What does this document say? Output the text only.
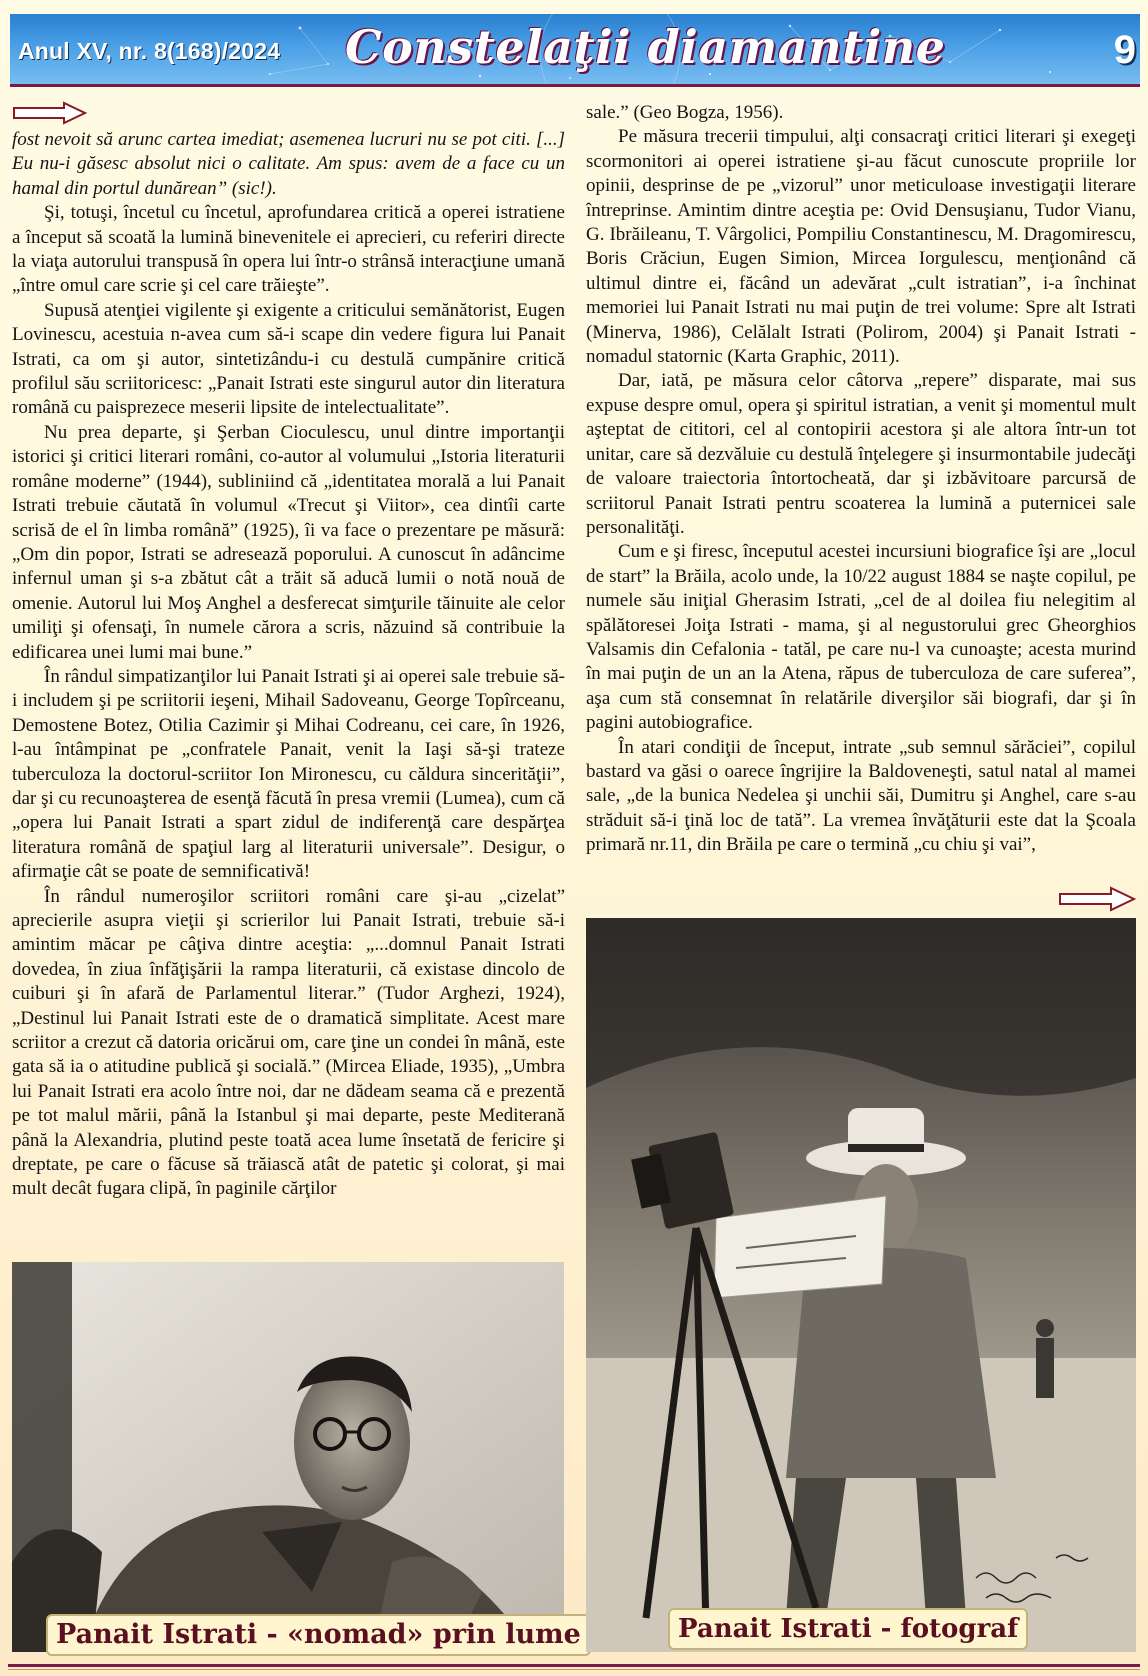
Anul XV, nr. 8(168)/2024 Constelaţii diamantine	9

fost nevoit să arunc cartea imediat; asemenea lucruri nu se pot citi. [...] Eu nu-i găsesc absolut nici o calitate. Am spus: avem de a face cu un hamal din portul dunărean” (sic!).

Şi, totuşi, încetul cu încetul, aprofundarea critică a operei istratiene a început să scoată la lumină binevenitele ei aprecieri, cu referiri directe la viaţa autorului transpusă în opera lui într-o strânsă interacţiune umană „între omul care scrie şi cel care trăieşte”.

Supusă atenţiei vigilente şi exigente a criticului semănătorist, Eugen Lovinescu, acestuia n-avea cum să-i scape din vedere figura lui Panait Istrati, ca om şi autor, sintetizându-i cu destulă cumpănire critică profilul său scriitoricesc: „Panait Istrati este singurul autor din literatura română cu paisprezece meserii lipsite de intelectualitate”.

Nu prea departe, şi Şerban Cioculescu, unul dintre importanţii istorici şi critici literari români, co-autor al volumului „Istoria literaturii române moderne” (1944), subliniind că „identitatea morală a lui Panait Istrati trebuie căutată în volumul «Trecut şi Viitor», cea dintîi carte scrisă de el în limba română” (1925), îi va face o prezentare pe măsură: „Om din popor, Istrati se adresează poporului. A cunoscut în adâncime infernul uman şi s-a zbătut cât a trăit să aducă lumii o notă nouă de omenie. Autorul lui Moş Anghel a desferecat simţurile tăinuite ale celor umiliţi şi ofensaţi, în numele cărora a scris, năzuind să contribuie la edificarea unei lumi mai bune.”

În rândul simpatizanţilor lui Panait Istrati şi ai operei sale trebuie să-i includem şi pe scriitorii ieşeni, Mihail Sadoveanu, George Topîrceanu, Demostene Botez, Otilia Cazimir şi Mihai Codreanu, cei care, în 1926, l-au întâmpinat pe „confratele Panait, venit la Iaşi să-şi trateze tuberculoza la doctorul-scriitor Ion Mironescu, cu căldura sincerităţii”, dar şi cu recunoaşterea de esenţă făcută în presa vremii (Lumea), cum că „opera lui Panait Istrati a spart zidul de indiferenţă care despărţea literatura română de spaţiul larg al literaturii universale”. Desigur, o afirmaţie cât se poate de semnificativă!

În rândul numeroşilor scriitori români care şi-au „cizelat” aprecierile asupra vieţii şi scrierilor lui Panait Istrati, trebuie să-i amintim măcar pe câţiva dintre aceştia: „...domnul Panait Istrati dovedea, în ziua înfăţişării la rampa literaturii, că existase dincolo de cuiburi şi în afară de Parlamentul literar.” (Tudor Arghezi, 1924), „Destinul lui Panait Istrati este de o dramatică simplitate. Acest mare scriitor a crezut că datoria oricărui om, care ţine un condei în mână, este gata să ia o atitudine publică şi socială.” (Mircea Eliade, 1935), „Umbra lui Panait Istrati era acolo între noi, dar ne dădeam seama că e prezentă pe tot malul mării, până la Istanbul şi mai departe, peste Mediterană până la Alexandria, plutind peste toată acea lume însetată de fericire şi dreptate, pe care o făcuse să trăiască atât de patetic şi colorat, şi mai mult decât fugara clipă, în paginile cărţilor

sale.” (Geo Bogza, 1956).

Pe măsura trecerii timpului, alţi consacraţi critici literari şi exegeţi scormonitori ai operei istratiene şi-au făcut cunoscute propriile lor opinii, desprinse de pe „vizorul” unor meticuloase investigaţii literare întreprinse. Amintim dintre aceştia pe: Ovid Densuşianu, Tudor Vianu, G. Ibrăileanu, T. Vârgolici, Pompiliu Constantinescu, M. Dragomirescu, Boris Crăciun, Eugen Simion, Mircea Iorgulescu, menţionând că ultimul dintre ei, făcând un adevărat „cult istratian”, i-a închinat memoriei lui Panait Istrati nu mai puţin de trei volume: Spre alt Istrati (Minerva, 1986), Celălalt Istrati (Polirom, 2004) şi Panait Istrati - nomadul statornic (Karta Graphic, 2011).

Dar, iată, pe măsura celor câtorva „repere” disparate, mai sus expuse despre omul, opera şi spiritul istratian, a venit şi momentul mult aşteptat de cititori, cel al contopirii acestora şi ale altora într-un tot unitar, care să dezvăluie cu destulă înţelegere şi insurmontabile judecăţi de valoare traiectoria întortocheată, dar şi izbăvitoare parcursă de scriitorul Panait Istrati pentru scoaterea la lumină a puternicei sale personalităţi.

Cum e şi firesc, începutul acestei incursiuni biografice îşi are „locul de start” la Brăila, acolo unde, la 10/22 august 1884 se naşte copilul, pe numele său iniţial Gherasim Istrati, „cel de al doilea fiu nelegitim al spălătoresei Joiţa Istrati - mama, şi al negustorului grec Gheorghios Valsamis din Cefalonia - tatăl, pe care nu-l va cunoaşte; acesta murind în mai puţin de un an la Atena, răpus de tuberculoza de care suferea”, aşa cum stă consemnat în relatările diverşilor săi biografi, dar şi în pagini autobiografice.

În atari condiţii de început, intrate „sub semnul sărăciei”, copilul bastard va găsi o oarece îngrijire la Baldoveneşti, satul natal al mamei sale, „de la bunica Nedelea şi unchii săi, Dumitru şi Anghel, care s-au străduit să-i ţină loc de tată”. La vremea învăţăturii este dat la Şcoala primară nr.11, din Brăila pe care o termină „cu chiu şi vai”,

Panait Istrati - «nomad» prin lume	Panait Istrati - fotograf
